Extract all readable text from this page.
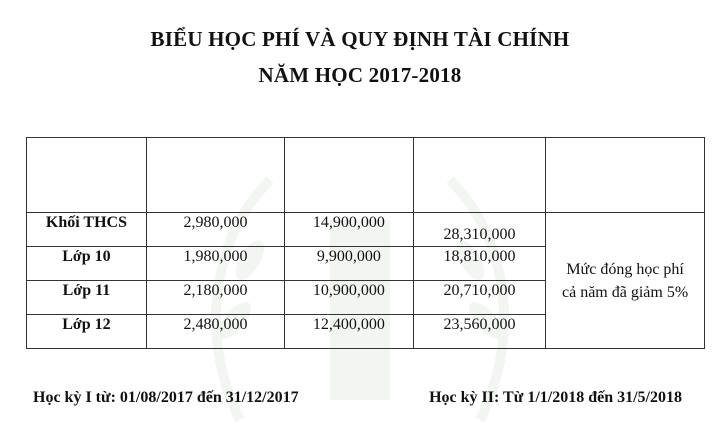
BIỂU HỌC PHÍ VÀ QUY ĐỊNH TÀI CHÍNH
NĂM HỌC 2017-2018

Khối THCS	2,980,000	14,900,000	28,310,000	Mức đóng học phí cả năm đã giảm 5%
Lớp 10	1,980,000	9,900,000	18,810,000	
Lớp 11	2,180,000	10,900,000	20,710,000	
Lớp 12	2,480,000	12,400,000	23,560,000	
Học kỳ I từ: 01/08/2017 đến 31/12/2017	Học kỳ II: Từ 1/1/2018 đến 31/5/2018
